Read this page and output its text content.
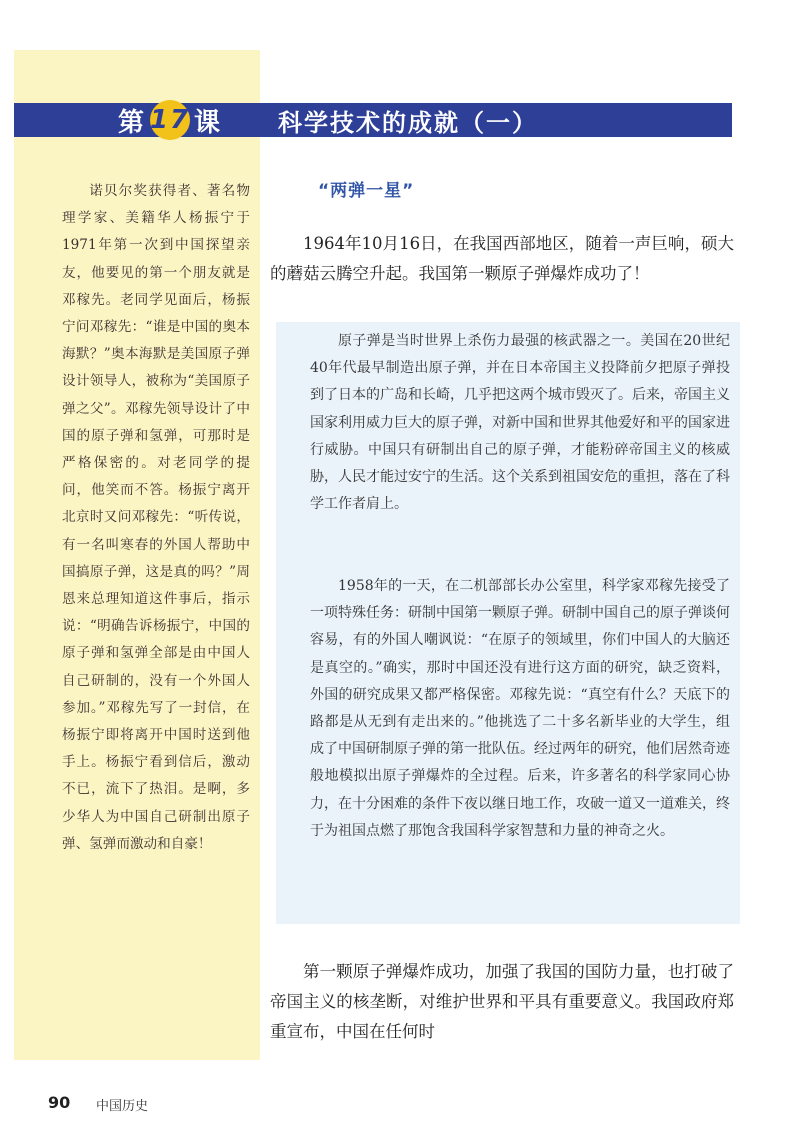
第 17 课 科学技术的成就（一）

诺贝尔奖获得者、著名物理学家、美籍华人杨振宁于1971年第一次到中国探望亲友，他要见的第一个朋友就是邓稼先。老同学见面后，杨振宁问邓稼先：“谁是中国的奥本海默？”奥本海默是美国原子弹设计领导人，被称为“美国原子弹之父”。邓稼先领导设计了中国的原子弹和氢弹，可那时是严格保密的。对老同学的提问，他笑而不答。杨振宁离开北京时又问邓稼先：“听传说，有一名叫寒春的外国人帮助中国搞原子弹，这是真的吗？”周恩来总理知道这件事后，指示说：“明确告诉杨振宁，中国的原子弹和氢弹全部是由中国人自己研制的，没有一个外国人参加。”邓稼先写了一封信，在杨振宁即将离开中国时送到他手上。杨振宁看到信后，激动不已，流下了热泪。是啊，多少华人为中国自己研制出原子弹、氢弹而激动和自豪！

“两弹一星”

1964年10月16日，在我国西部地区，随着一声巨响，硕大的蘑菇云腾空升起。我国第一颗原子弹爆炸成功了！

原子弹是当时世界上杀伤力最强的核武器之一。美国在20世纪40年代最早制造出原子弹，并在日本帝国主义投降前夕把原子弹投到了日本的广岛和长崎，几乎把这两个城市毁灭了。后来，帝国主义国家利用威力巨大的原子弹，对新中国和世界其他爱好和平的国家进行威胁。中国只有研制出自己的原子弹，才能粉碎帝国主义的核威胁，人民才能过安宁的生活。这个关系到祖国安危的重担，落在了科学工作者肩上。

1958年的一天，在二机部部长办公室里，科学家邓稼先接受了一项特殊任务：研制中国第一颗原子弹。研制中国自己的原子弹谈何容易，有的外国人嘲讽说：“在原子的领域里，你们中国人的大脑还是真空的。”确实，那时中国还没有进行这方面的研究，缺乏资料，外国的研究成果又都严格保密。邓稼先说：“真空有什么？天底下的路都是从无到有走出来的。”他挑选了二十多名新毕业的大学生，组成了中国研制原子弹的第一批队伍。经过两年的研究，他们居然奇迹般地模拟出原子弹爆炸的全过程。后来，许多著名的科学家同心协力，在十分困难的条件下夜以继日地工作，攻破一道又一道难关，终于为祖国点燃了那饱含我国科学家智慧和力量的神奇之火。

第一颗原子弹爆炸成功，加强了我国的国防力量，也打破了帝国主义的核垄断，对维护世界和平具有重要意义。我国政府郑重宣布，中国在任何时

90 中国历史
